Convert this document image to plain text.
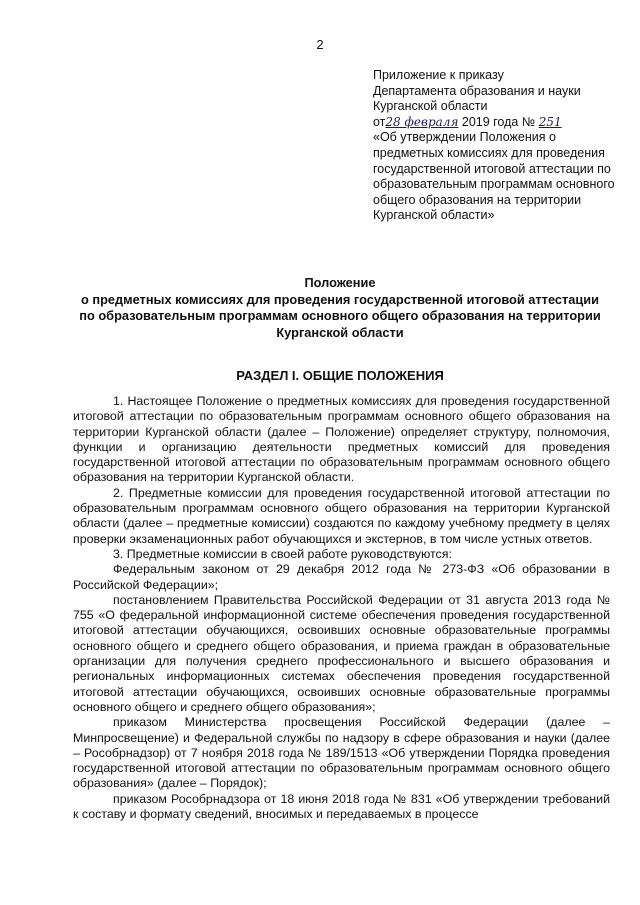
2
Приложение к приказу
Департамента образования и науки
Курганской области
от28 февраля 2019 года № 251
«Об утверждении Положения о предметных комиссиях для проведения государственной итоговой аттестации по образовательным программам основного общего образования на территории Курганской области»
Положение
о предметных комиссиях для проведения государственной итоговой аттестации
по образовательным программам основного общего образования на территории
Курганской области
РАЗДЕЛ I. ОБЩИЕ ПОЛОЖЕНИЯ

1. Настоящее Положение о предметных комиссиях для проведения государственной итоговой аттестации по образовательным программам основного общего образования на территории Курганской области (далее – Положение) определяет структуру, полномочия, функции и организацию деятельности предметных комиссий для проведения государственной итоговой аттестации по образовательным программам основного общего образования на территории Курганской области.

2. Предметные комиссии для проведения государственной итоговой аттестации по образовательным программам основного общего образования на территории Курганской области (далее – предметные комиссии) создаются по каждому учебному предмету в целях проверки экзаменационных работ обучающихся и экстернов, в том числе устных ответов.

3. Предметные комиссии в своей работе руководствуются:

Федеральным законом от 29 декабря 2012 года № 273-ФЗ «Об образовании в Российской Федерации»;

постановлением Правительства Российской Федерации от 31 августа 2013 года № 755 «О федеральной информационной системе обеспечения проведения государственной итоговой аттестации обучающихся, освоивших основные образовательные программы основного общего и среднего общего образования, и приема граждан в образовательные организации для получения среднего профессионального и высшего образования и региональных информационных системах обеспечения проведения государственной итоговой аттестации обучающихся, освоивших основные образовательные программы основного общего и среднего общего образования»;

приказом Министерства просвещения Российской Федерации (далее – Минпросвещение) и Федеральной службы по надзору в сфере образования и науки (далее – Рособрнадзор) от 7 ноября 2018 года № 189/1513 «Об утверждении Порядка проведения государственной итоговой аттестации по образовательным программам основного общего образования» (далее – Порядок);

приказом Рособрнадзора от 18 июня 2018 года № 831 «Об утверждении требований к составу и формату сведений, вносимых и передаваемых в процессе
